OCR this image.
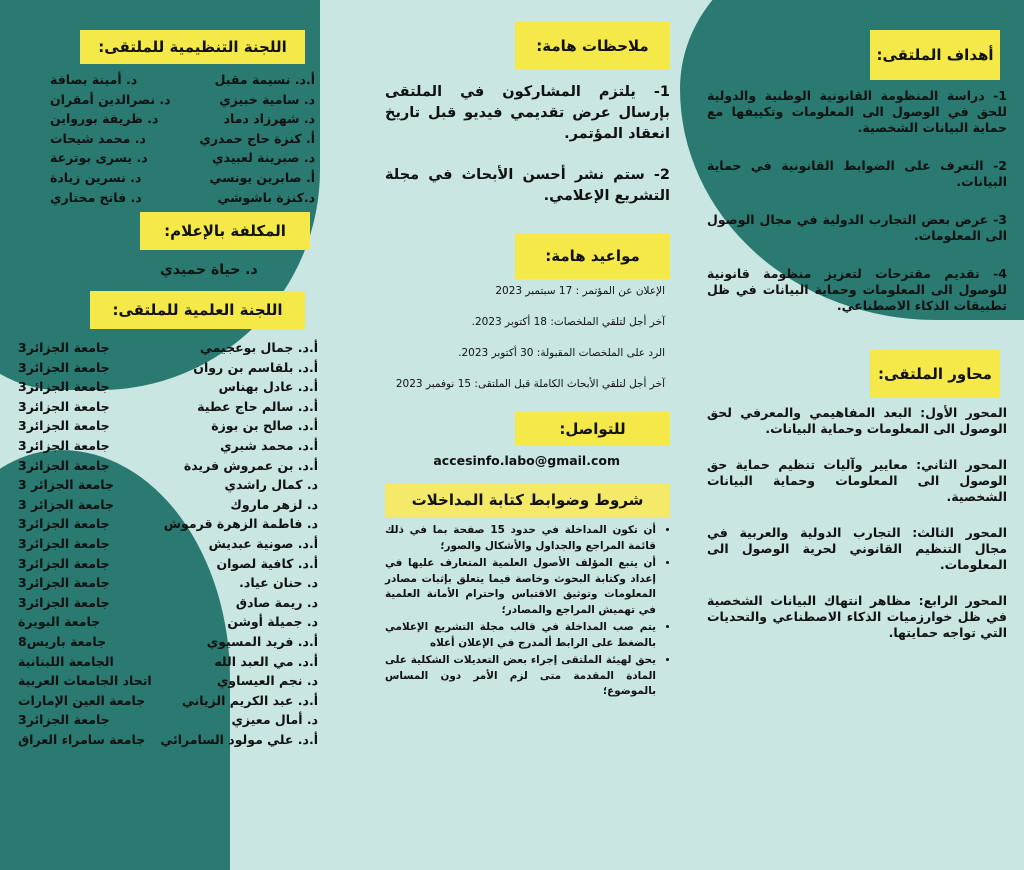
أهداف الملتقى:

1- دراسة المنظومة القانونية الوطنية والدولية للحق في الوصول الى المعلومات وتكييفها مع حماية البيانات الشخصية.

2- التعرف على الضوابط القانونية في حماية البيانات.

3- عرض بعض التجارب الدولية في مجال الوصول الى المعلومات.

4- تقديم مقترحات لتعزيز منظومة قانونية للوصول الى المعلومات وحماية البيانات في ظل تطبيقات الذكاء الاصطناعي.

محاور الملتقى:

المحور الأول: البعد المفاهيمي والمعرفي لحق الوصول الى المعلومات وحماية البيانات.

المحور الثاني: معايير وآليات تنظيم حماية حق الوصول الى المعلومات وحماية البيانات الشخصية.

المحور الثالث: التجارب الدولية والعربية في مجال التنظيم القانوني لحرية الوصول الى المعلومات.

المحور الرابع: مظاهر انتهاك البيانات الشخصية في ظل خوارزميات الذكاء الاصطناعي والتحديات التي تواجه حمايتها.

ملاحظات هامة:

1- يلتزم المشاركون في الملتقى بإرسال عرض تقديمي فيديو قبل تاريخ انعقاد المؤتمر.

2- ستم نشر أحسن الأبحاث في مجلة التشريع الإعلامي.

مواعيد هامة:

الإعلان عن المؤتمر : 17 سبتمبر 2023

آخر أجل لتلقي الملخصات: 18 أكتوبر 2023.

الرد على الملخصات المقبولة: 30 أكتوبر 2023.

آخر أجل لتلقي الأبحاث الكاملة قبل الملتقى: 15 نوفمبر 2023

للتواصل:
accesinfo.labo@gmail.com
شروط وضوابط كتابة المداخلات
• أن تكون المداخلة في حدود 15 صفحة بما في ذلك قائمة المراجع والجداول والأشكال والصور؛
• أن يتبع المؤلف الأصول العلمية المتعارف عليها في إعداد وكتابة البحوث وخاصة فيما يتعلق بإثبات مصادر المعلومات وتوثيق الاقتباس واحترام الأمانة العلمية في تهميش المراجع والمصادر؛
• يتم صب المداخلة في قالب مجلة التشريع الإعلامي بالضغط على الرابط ألمدرج في الإعلان أعلاه
• يحق لهيئة الملتقى إجراء بعض التعديلات الشكلية على المادة المقدمة متى لزم الأمر دون المساس بالموضوع؛
اللجنة التنظيمية للملتقى:
أ.د. نسيمة مقبل
د. أمينة بصافة
د. سامية خبيزي
د. نصرالدين أمقران
د. شهرزاد دماد
د. ظريفة بورواين
أ. كنزة حاج حمدري
د. محمد شيحات
د. صبرينة لعبيدي
د. يسرى بوترعة
أ. صابرين يونسي
د. نسرين زيادة
د.كنزة باشوشي
د. فاتح مختاري
المكلفة بالإعلام:
د. حياة حميدي
اللجنة العلمية للملتقى:
أ.د. جمال بوعجيمي
جامعة الجزائر3
أ.د. بلقاسم بن روان
جامعة الجزائر3
أ.د. عادل بهناس
جامعة الجزائر3
أ.د. سالم حاج عطية
جامعة الجزائر3
أ.د. صالح بن بوزة
جامعة الجزائر3
أ.د. محمد شبري
جامعة الجزائر3
أ.د. بن عمروش فريدة
جامعة الجزائر3
د. كمال راشدي
جامعة الجزائر 3
د. لزهر ماروك
جامعة الجزائر 3
د. فاطمة الزهرة قرموش
جامعة الجزائر3
أ.د. صونية عبديش
جامعة الجزائر3
أ.د. كافية لصوان
جامعة الجزائر3
د. حنان عياد.
جامعة الجزائر3
د. ريمة صادق
جامعة الجزائر3
د. جميلة أوشن
جامعة البويرة
أ.د. فريد المسيوي
جامعة باريس8
أ.د. مي العبد الله
الجامعة اللبنانية
د. نجم العيساوي
اتحاد الجامعات العربية
أ.د. عبد الكريم الزياني
جامعة العين الإمارات
د. أمال معيزي
جامعة الجزائر3
أ.د. علي مولود السامرائي
جامعة سامراء العراق
